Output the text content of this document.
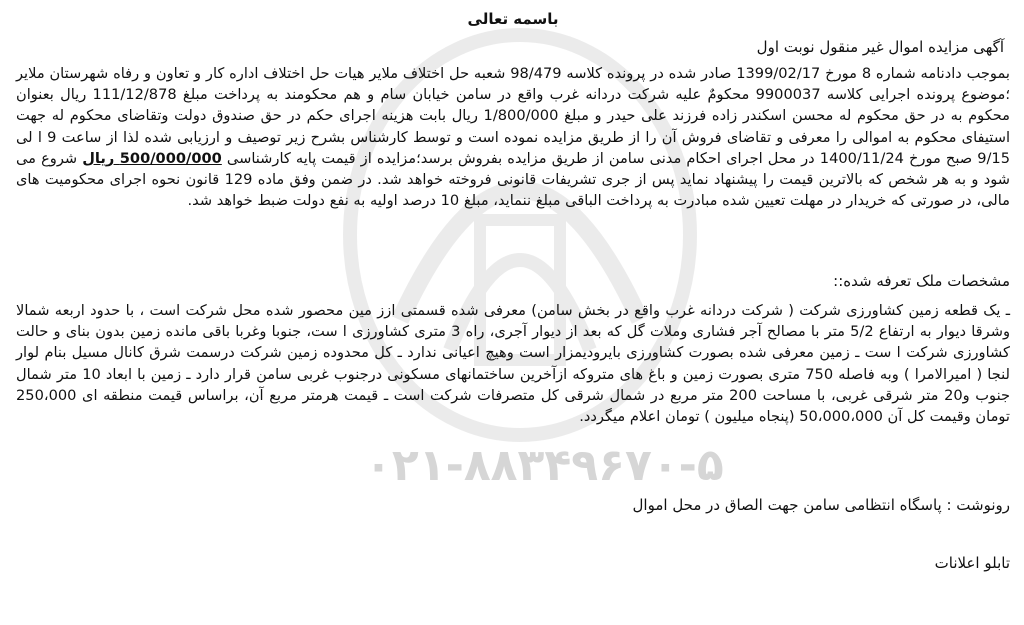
۰۲۱-۸۸۳۴۹۶۷۰-۵
باسمه تعالی
آگهی مزایده اموال غیر منقول نوبت اول
بموجب دادنامه شماره 8 مورخ 1399/02/17 صادر شده در پرونده کلاسه 98/479 شعبه حل اختلاف ملایر هیات حل اختلاف اداره کار و تعاون و رفاه شهرستان ملایر ؛موضوع پرونده اجرایی کلاسه 9900037 محکومٌ علیه شرکت دردانه غرب واقع در سامن خیابان سام و هم محکومند به پرداخت مبلغ 111/12/878 ریال بعنوان محکوم به در حق محکوم له محسن اسکندر زاده فرزند علی حیدر و مبلغ 1/800/000 ریال بابت هزینه اجرای حکم در حق صندوق دولت وتقاضای محکوم له جهت استیفای محکوم به اموالی را معرفی و تقاضای فروش آن را از طریق مزایده نموده است و توسط کارشناس بشرح زیر توصیف و ارزیابی شده لذا از ساعت 9 ا لی 9/15 صبح مورخ 1400/11/24 در محل اجرای احکام مدنی سامن از طریق مزایده بفروش برسد؛مزایده از قیمت پایه کارشناسی 500/000/000 ریال شروع می شود و به هر شخص که بالاترین قیمت را پیشنهاد نماید پس از جری تشریفات قانونی فروخته خواهد شد. در ضمن وفق ماده 129 قانون نحوه اجرای محکومیت های مالی، در صورتی که خریدار در مهلت تعیین شده مبادرت به پرداخت الباقی مبلغ ننماید، مبلغ 10 درصد اولیه به نفع دولت ضبط خواهد شد.
مشخصات ملک تعرفه شده::
ـ یک قطعه زمین کشاورزی شرکت ( شرکت دردانه غرب واقع در بخش سامن) معرفی شده قسمتی ازز مین محصور شده محل شرکت است ، با حدود اربعه شمالا وشرقا دیوار به ارتفاع 5/2 متر با مصالح آجر فشاری وملات گل که بعد از دیوار آجری، راه 3 متری کشاورزی ا ست، جنوبا وغربا باقی مانده زمین بدون بنای و حالت کشاورزی شرکت ا ست ـ زمین معرفی شده بصورت کشاورزی بایرودیمزار است وهیچ اعیانی ندارد ـ کل محدوده زمین شرکت درسمت شرق کانال مسیل بنام لوار لنجا ( امیرالامرا ) وبه فاصله 750 متری بصورت زمین و باغ های متروکه ازآخرین ساختمانهای مسکونی درجنوب غربی سامن قرار دارد ـ زمین با ابعاد 10 متر شمال جنوب و20 متر شرقی غربی، با مساحت 200 متر مربع در شمال شرقی کل متصرفات شرکت است ـ قیمت هرمتر مربع آن، براساس قیمت منطقه ای 250،000 تومان وقیمت کل آن 50،000،000 (پنجاه میلیون ) تومان اعلام میگردد.
رونوشت : پاسگاه انتظامی سامن جهت الصاق در محل اموال
تابلو اعلانات
